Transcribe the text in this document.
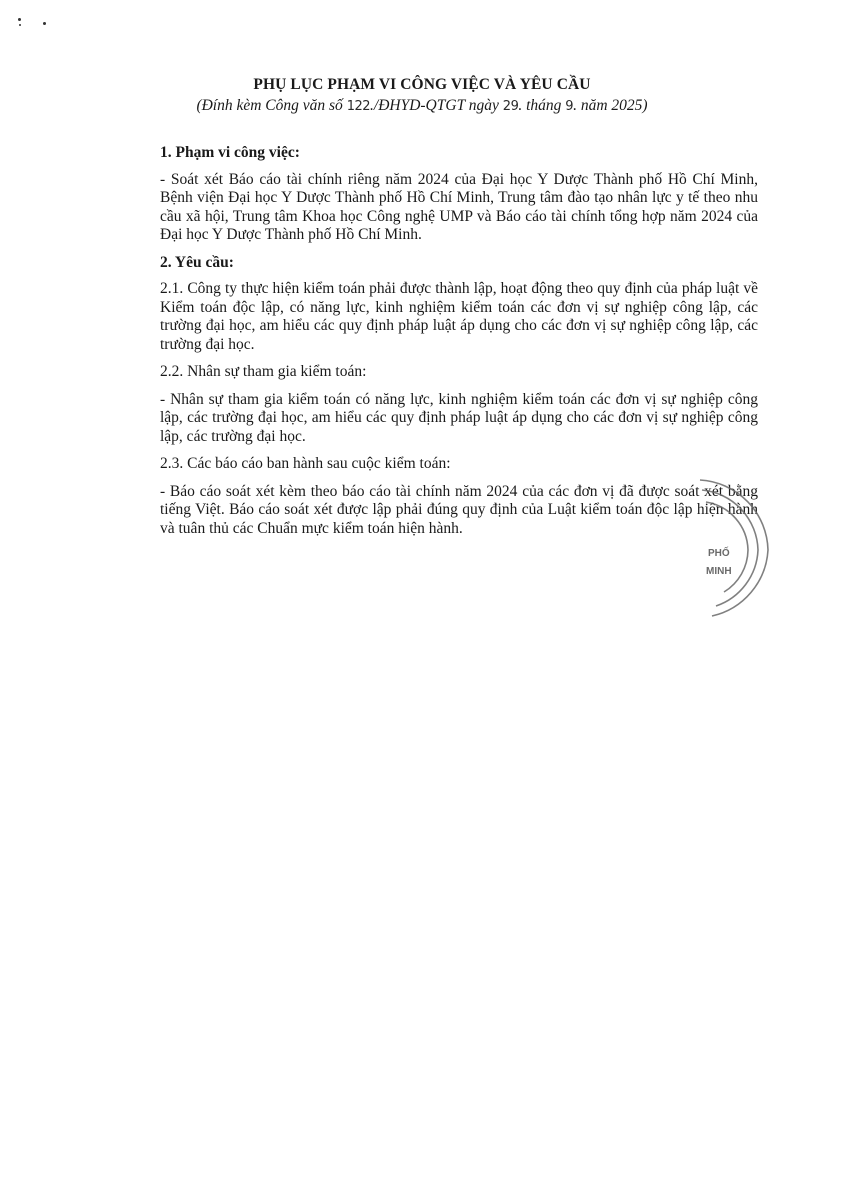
PHỤ LỤC PHẠM VI CÔNG VIỆC VÀ YÊU CẦU
(Đính kèm Công văn số 122./ĐHYD-QTGT ngày 29. tháng 9. năm 2025)

1. Phạm vi công việc:

- Soát xét Báo cáo tài chính riêng năm 2024 của Đại học Y Dược Thành phố Hồ Chí Minh, Bệnh viện Đại học Y Dược Thành phố Hồ Chí Minh, Trung tâm đào tạo nhân lực y tế theo nhu cầu xã hội, Trung tâm Khoa học Công nghệ UMP và Báo cáo tài chính tổng hợp năm 2024 của Đại học Y Dược Thành phố Hồ Chí Minh.

2. Yêu cầu:

2.1. Công ty thực hiện kiểm toán phải được thành lập, hoạt động theo quy định của pháp luật về Kiểm toán độc lập, có năng lực, kinh nghiệm kiểm toán các đơn vị sự nghiệp công lập, các trường đại học, am hiểu các quy định pháp luật áp dụng cho các đơn vị sự nghiệp công lập, các trường đại học.

2.2. Nhân sự tham gia kiểm toán:

- Nhân sự tham gia kiểm toán có năng lực, kinh nghiệm kiểm toán các đơn vị sự nghiệp công lập, các trường đại học, am hiểu các quy định pháp luật áp dụng cho các đơn vị sự nghiệp công lập, các trường đại học.

2.3. Các báo cáo ban hành sau cuộc kiểm toán:

- Báo cáo soát xét kèm theo báo cáo tài chính năm 2024 của các đơn vị đã được soát xét bằng tiếng Việt. Báo cáo soát xét được lập phải đúng quy định của Luật kiểm toán độc lập hiện hành và tuân thủ các Chuẩn mực kiểm toán hiện hành.

PHỐ
MINH
